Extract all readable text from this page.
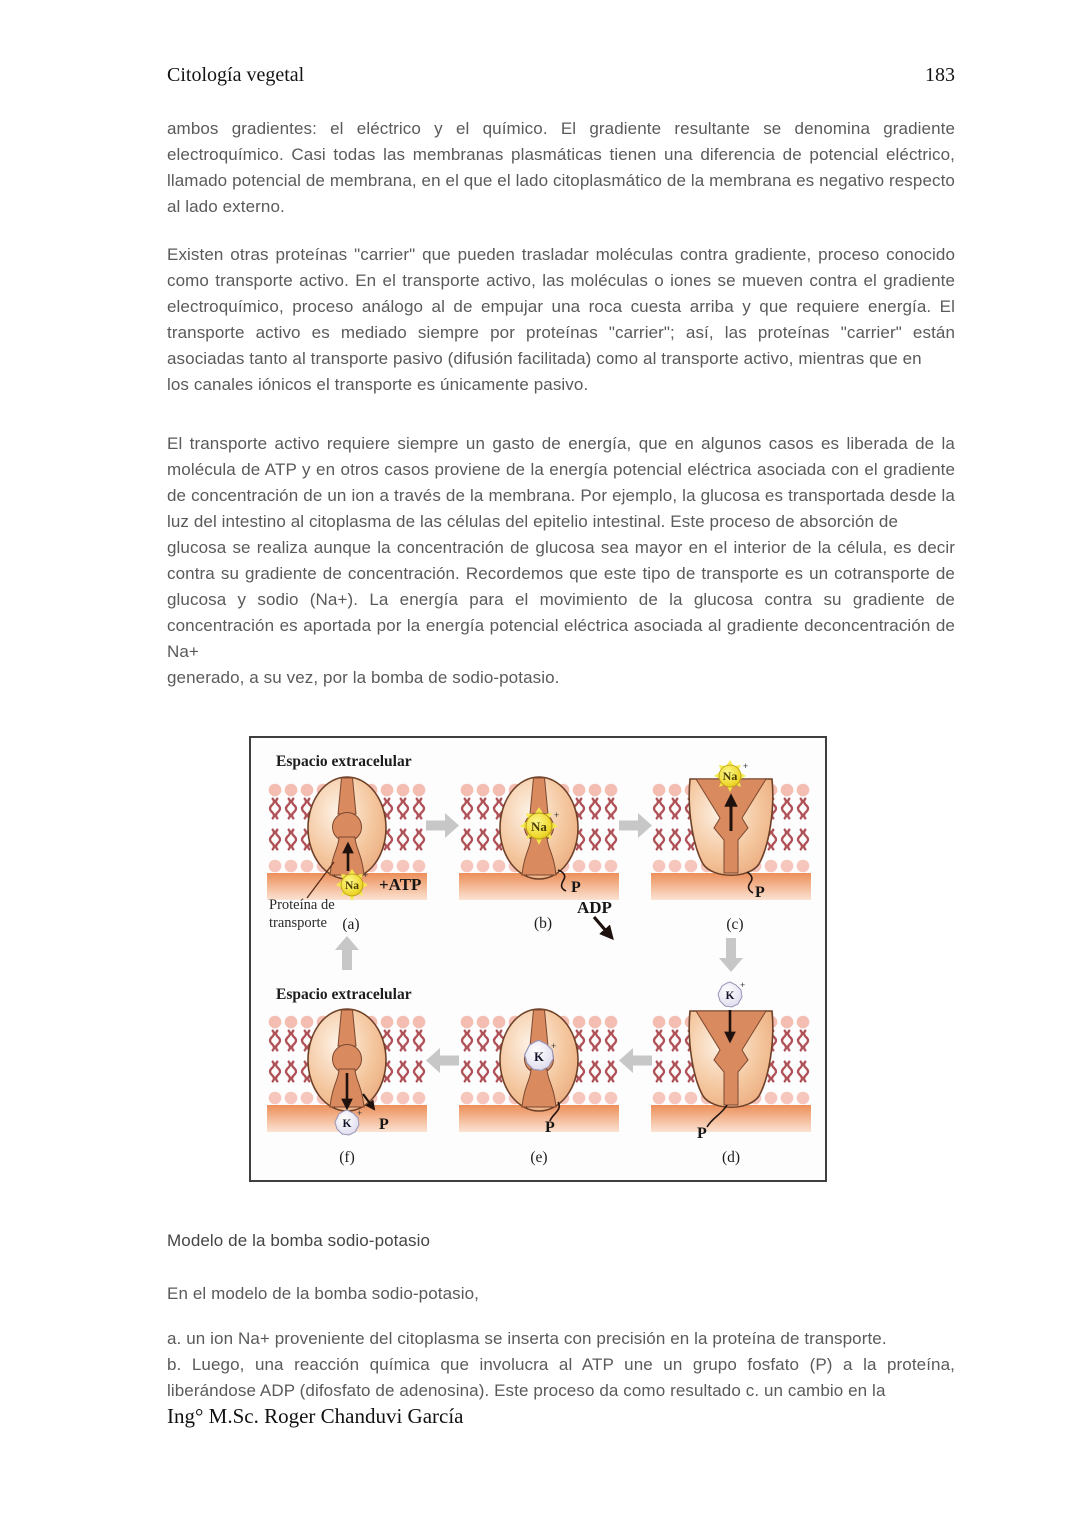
Citología vegetal	183
ambos gradientes: el eléctrico y el químico. El gradiente resultante se denomina gradiente electroquímico. Casi todas las membranas plasmáticas tienen una diferencia de potencial eléctrico, llamado potencial de membrana, en el que el lado citoplasmático de la membrana es negativo respecto al lado externo.
Existen otras proteínas "carrier" que pueden trasladar moléculas contra gradiente, proceso conocido como transporte activo. En el transporte activo, las moléculas o iones se mueven contra el gradiente electroquímico, proceso análogo al de empujar una roca cuesta arriba y que requiere energía. El transporte activo es mediado siempre por proteínas "carrier"; así, las proteínas "carrier" están asociadas tanto al transporte pasivo (difusión facilitada) como al transporte activo, mientras que en
los canales iónicos el transporte es únicamente pasivo.
El transporte activo requiere siempre un gasto de energía, que en algunos casos es liberada de la molécula de ATP y en otros casos proviene de la energía potencial eléctrica asociada con el gradiente de concentración de un ion a través de la membrana. Por ejemplo, la glucosa es transportada desde la luz del intestino al citoplasma de las células del epitelio intestinal. Este proceso de absorción de
glucosa se realiza aunque la concentración de glucosa sea mayor en el interior de la célula, es decir contra su gradiente de concentración. Recordemos que este tipo de transporte es un cotransporte de glucosa y sodio (Na+). La energía para el movimiento de la glucosa contra su gradiente de concentración es aportada por la energía potencial eléctrica asociada al gradiente deconcentración de Na+
generado, a su vez, por la bomba de sodio-potasio.
Espacio extracelular
Espacio extracelular
Proteína de
transporte
+ATP
ADP
P	P
P
P
P
(a)	(b)	(c)
(d)
(e)
(f)
Na
+
Na
+
Na
+
K
+
K
+
K
+
Modelo de la bomba sodio-potasio
En el modelo de la bomba sodio-potasio,
a. un ion Na+ proveniente del citoplasma se inserta con precisión en la proteína de transporte.
b. Luego, una reacción química que involucra al ATP une un grupo fosfato (P) a la proteína, liberándose ADP (difosfato de adenosina). Este proceso da como resultado c. un cambio en la
Ing° M.Sc. Roger Chanduvi García
